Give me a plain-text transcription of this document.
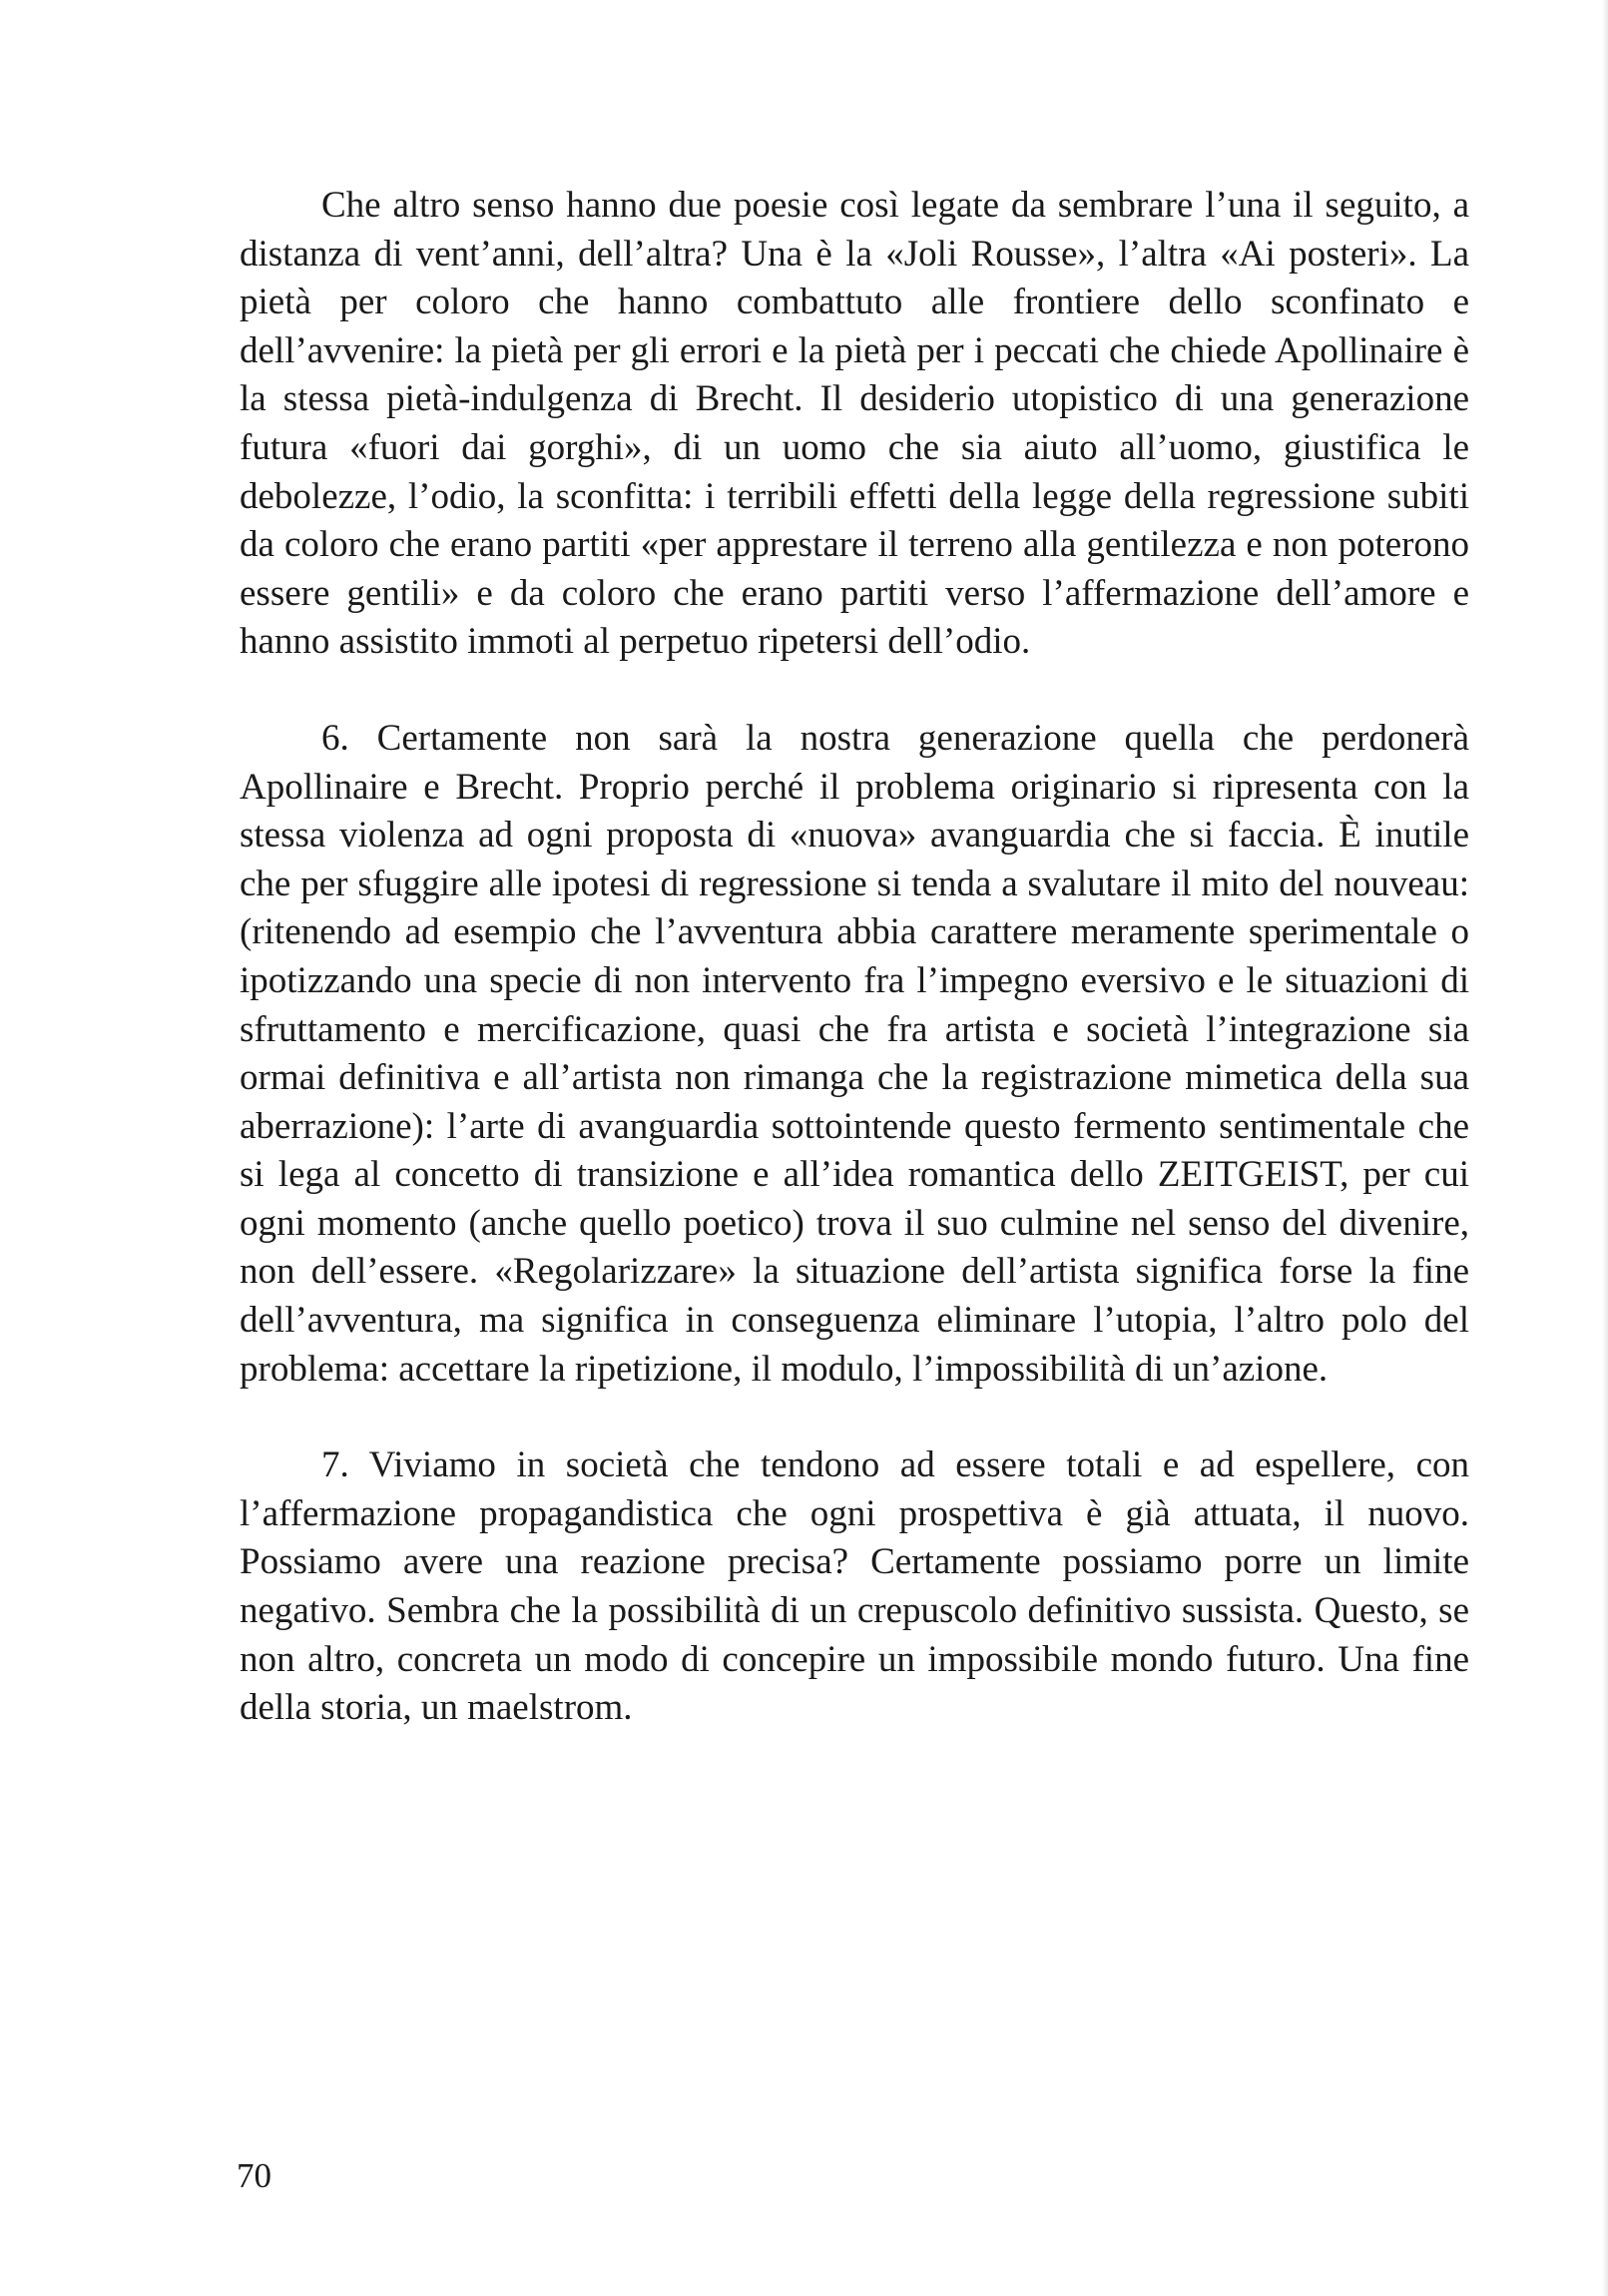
Che altro senso hanno due poesie così legate da sembrare l’una il seguito, a distanza di vent’anni, dell’altra? Una è la «Joli Rousse», l’altra «Ai posteri». La pietà per coloro che hanno combattuto alle frontiere dello sconfinato e dell’avvenire: la pietà per gli errori e la pietà per i peccati che chiede Apollinaire è la stessa pietà-indulgenza di Brecht. Il desiderio utopistico di una generazione futura «fuori dai gorghi», di un uomo che sia aiuto all’uomo, giustifica le debolezze, l’odio, la sconfitta: i terribili effetti della legge della regressione subiti da coloro che erano partiti «per apprestare il terreno alla gentilezza e non poterono essere gentili» e da coloro che erano partiti verso l’affermazione dell’amore e hanno assistito immoti al perpetuo ripetersi dell’odio.

6. Certamente non sarà la nostra generazione quella che perdonerà Apollinaire e Brecht. Proprio perché il problema originario si ripresenta con la stessa violenza ad ogni proposta di «nuova» avanguardia che si faccia. È inutile che per sfuggire alle ipotesi di regressione si tenda a svalutare il mito del nouveau: (ritenendo ad esempio che l’avventura abbia carattere meramente sperimentale o ipotizzando una specie di non intervento fra l’impegno eversivo e le situazioni di sfruttamento e mercificazione, quasi che fra artista e società l’integrazione sia ormai definitiva e all’artista non rimanga che la registrazione mimetica della sua aberrazione): l’arte di avanguardia sottointende questo fermento sentimentale che si lega al concetto di transizione e all’idea romantica dello ZEITGEIST, per cui ogni momento (anche quello poetico) trova il suo culmine nel senso del divenire, non dell’essere. «Regolarizzare» la situazione dell’artista significa forse la fine dell’avventura, ma significa in conseguenza eliminare l’utopia, l’altro polo del problema: accettare la ripetizione, il modulo, l’impossibilità di un’azione.

7. Viviamo in società che tendono ad essere totali e ad espellere, con l’affermazione propagandistica che ogni prospettiva è già attuata, il nuovo. Possiamo avere una reazione precisa? Certamente possiamo porre un limite negativo. Sembra che la possibilità di un crepuscolo definitivo sussista. Questo, se non altro, concreta un modo di concepire un impossibile mondo futuro. Una fine della storia, un maelstrom.

70
